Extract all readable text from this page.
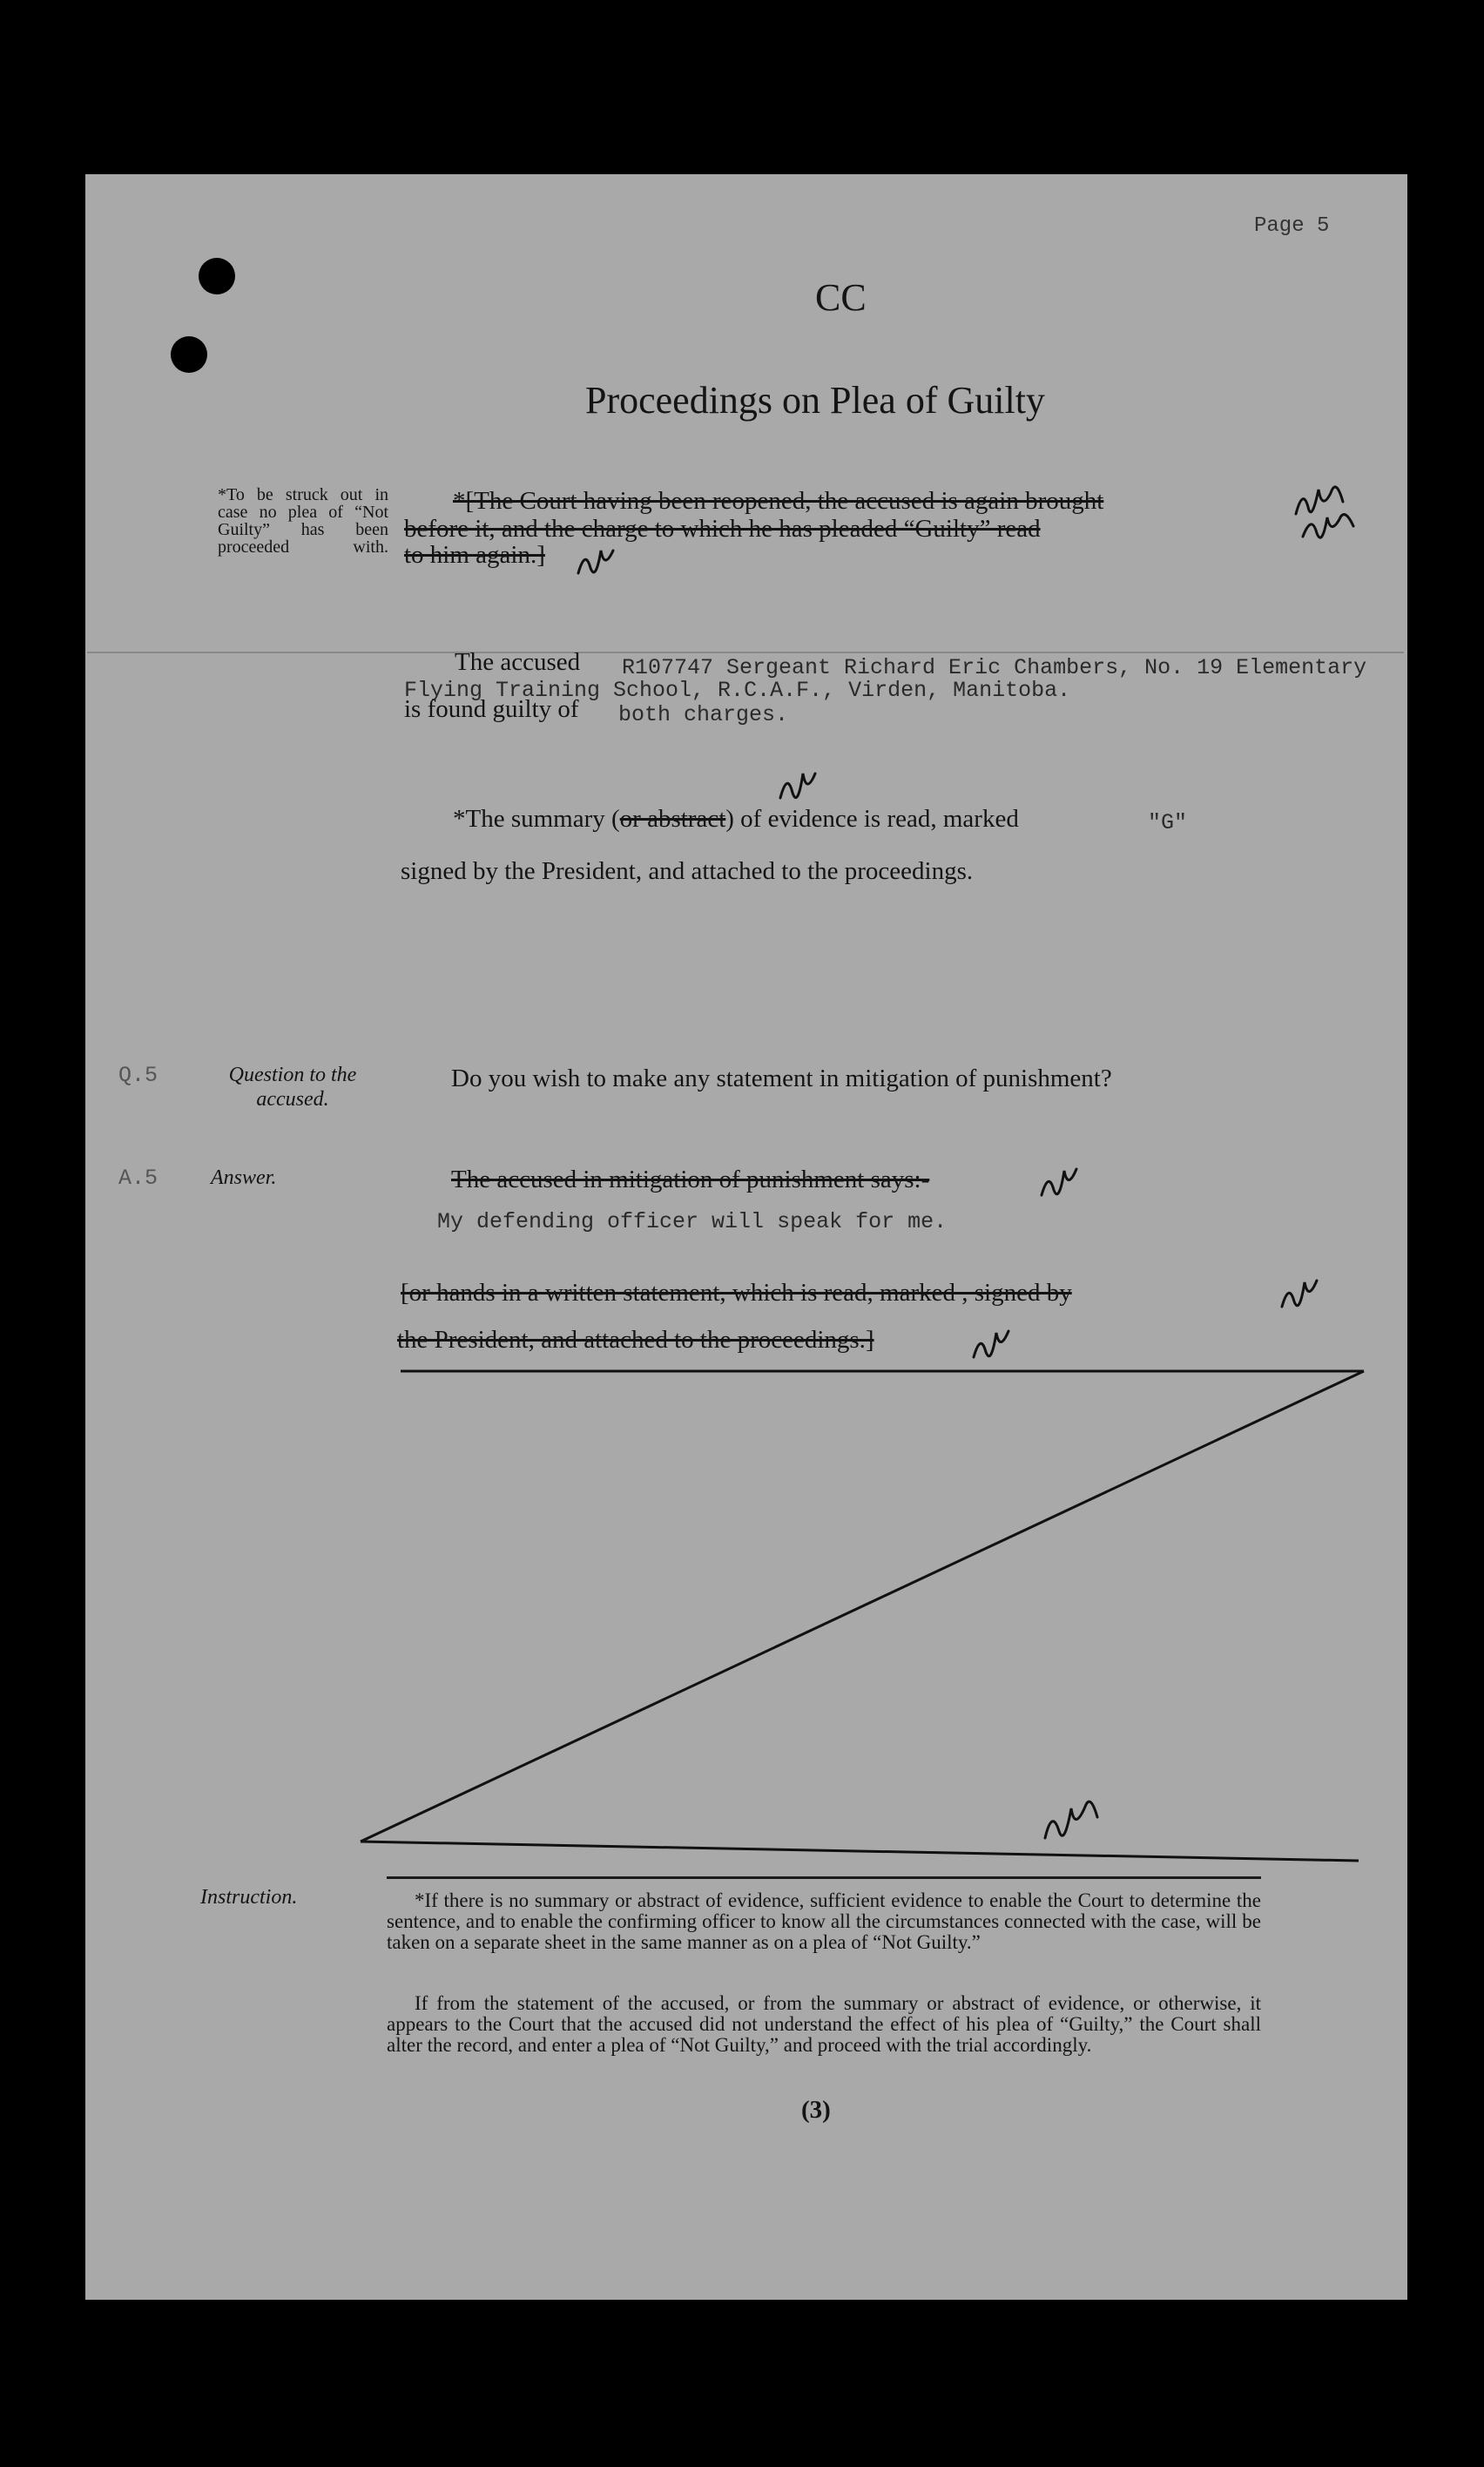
Page 5
CC
Proceedings on Plea of Guilty
*To be struck out in case no plea of “Not Guilty” has been proceeded with.
*[The Court having been reopened, the accused is again brought
before it, and the charge to which he has pleaded “Guilty” read
to him again.]
The accused R107747 Sergeant Richard Eric Chambers, No. 19 Elementary
Flying Training School, R.C.A.F., Virden, Manitoba.
is found guilty of both charges.
*The summary (or abstract) of evidence is read, marked	"G"
signed by the President, and attached to the proceedings.
Q.5	Question to the accused.
Do you wish to make any statement in mitigation of punishment?
A.5	Answer.	The accused in mitigation of punishment says:-
My defending officer will speak for me.
[or hands in a written statement, which is read, marked , signed by
the President, and attached to the proceedings.]
Instruction.	*If there is no summary or abstract of evidence, sufficient evidence to enable the Court to determine the sentence, and to enable the confirming officer to know all the circumstances connected with the case, will be taken on a separate sheet in the same manner as on a plea of “Not Guilty.”
If from the statement of the accused, or from the summary or abstract of evidence, or otherwise, it appears to the Court that the accused did not understand the effect of his plea of “Guilty,” the Court shall alter the record, and enter a plea of “Not Guilty,” and proceed with the trial accordingly.
(3)
